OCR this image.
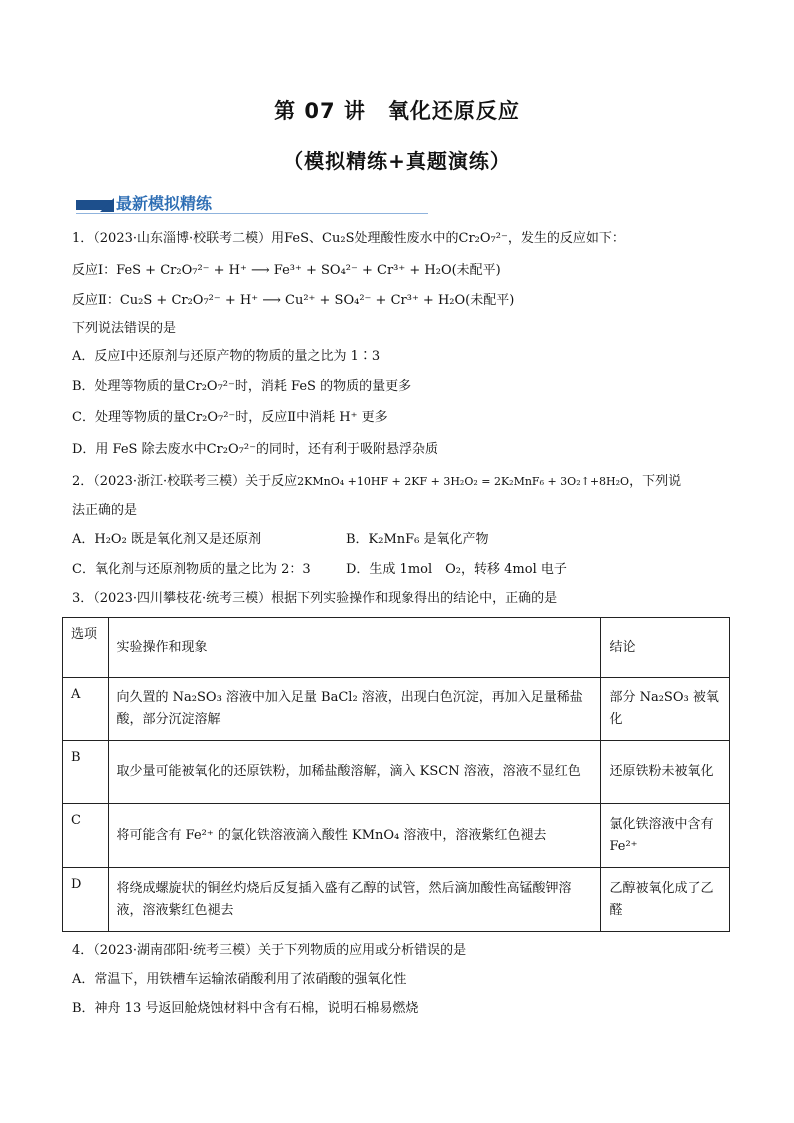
第 07 讲　氧化还原反应
（模拟精练+真题演练）
最新模拟精练
1．（2023·山东淄博·校联考二模）用FeS、Cu₂S处理酸性废水中的Cr₂O₇²⁻，发生的反应如下：
反应Ⅰ：FeS + Cr₂O₇²⁻ + H⁺ ⟶ Fe³⁺ + SO₄²⁻ + Cr³⁺ + H₂O(未配平)
反应Ⅱ：Cu₂S + Cr₂O₇²⁻ + H⁺ ⟶ Cu²⁺ + SO₄²⁻ + Cr³⁺ + H₂O(未配平)
下列说法错误的是
A．反应Ⅰ中还原剂与还原产物的物质的量之比为 1∶3
B．处理等物质的量Cr₂O₇²⁻时，消耗 FeS 的物质的量更多
C．处理等物质的量Cr₂O₇²⁻时，反应Ⅱ中消耗 H⁺ 更多
D．用 FeS 除去废水中Cr₂O₇²⁻的同时，还有利于吸附悬浮杂质
2．（2023·浙江·校联考三模）关于反应2KMnO₄ +10HF + 2KF + 3H₂O₂ = 2K₂MnF₆ + 3O₂↑+8H₂O，下列说
法正确的是
A．H₂O₂ 既是氧化剂又是还原剂	B．K₂MnF₆ 是氧化产物
C．氧化剂与还原剂物质的量之比为 2：3	D．生成 1mol　O₂，转移 4mol 电子
3．（2023·四川攀枝花·统考三模）根据下列实验操作和现象得出的结论中，正确的是
选项	实验操作和现象	结论
A	向久置的 Na₂SO₃ 溶液中加入足量 BaCl₂ 溶液，出现白色沉淀，再加入足量稀盐酸，部分沉淀溶解	部分 Na₂SO₃ 被氧化
B	取少量可能被氧化的还原铁粉，加稀盐酸溶解，滴入 KSCN 溶液，溶液不显红色	还原铁粉未被氧化
C	将可能含有 Fe²⁺ 的氯化铁溶液滴入酸性 KMnO₄ 溶液中，溶液紫红色褪去	氯化铁溶液中含有 Fe²⁺
D	将绕成螺旋状的铜丝灼烧后反复插入盛有乙醇的试管，然后滴加酸性高锰酸钾溶液，溶液紫红色褪去	乙醇被氧化成了乙醛
4．（2023·湖南邵阳·统考三模）关于下列物质的应用或分析错误的是
A．常温下，用铁槽车运输浓硝酸利用了浓硝酸的强氧化性
B．神舟 13 号返回舱烧蚀材料中含有石棉，说明石棉易燃烧
